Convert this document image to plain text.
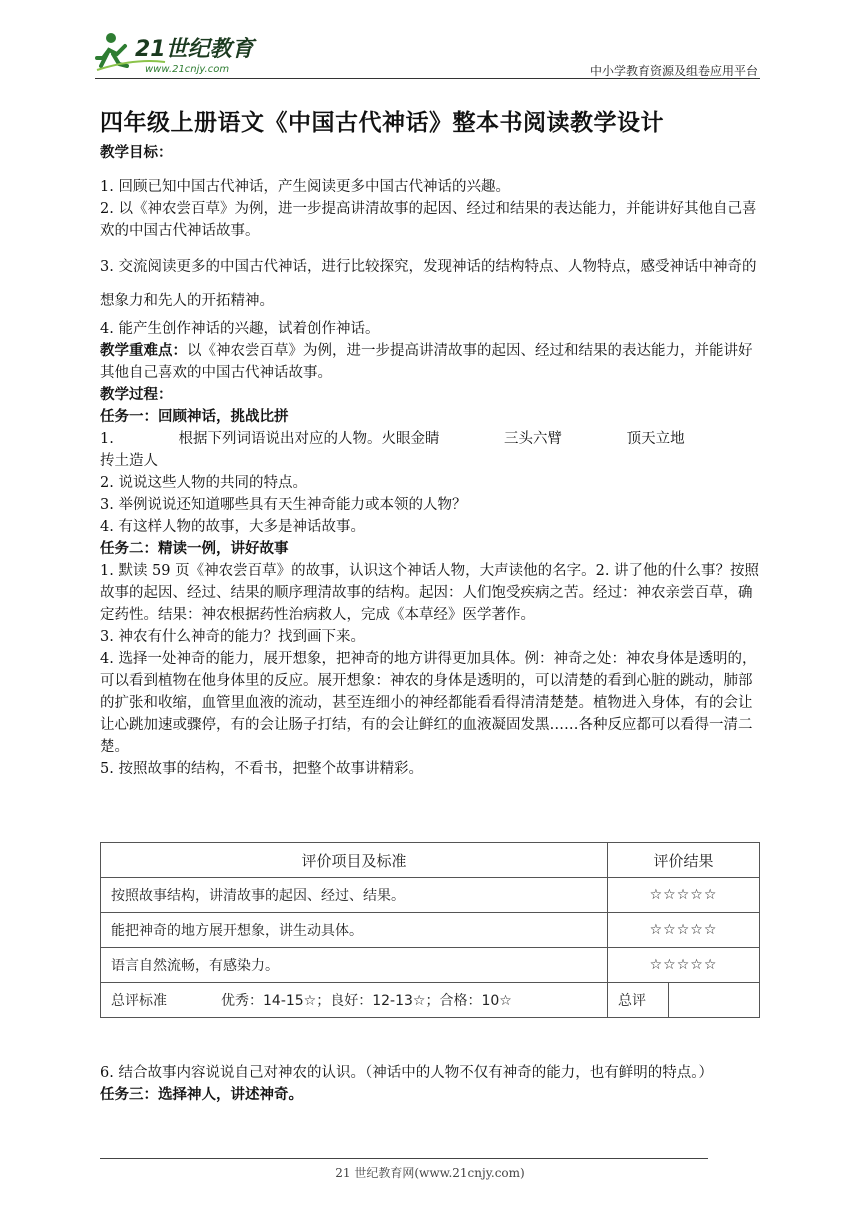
21世纪教育
www.21cnjy.com	中小学教育资源及组卷应用平台
四年级上册语文《中国古代神话》整本书阅读教学设计

教学目标：

1. 回顾已知中国古代神话，产生阅读更多中国古代神话的兴趣。

2. 以《神农尝百草》为例，进一步提高讲清故事的起因、经过和结果的表达能力，并能讲好其他自己喜欢的中国古代神话故事。

3. 交流阅读更多的中国古代神话，进行比较探究，发现神话的结构特点、人物特点，感受神话中神奇的想象力和先人的开拓精神。

4. 能产生创作神话的兴趣，试着创作神话。

教学重难点：以《神农尝百草》为例，进一步提高讲清故事的起因、经过和结果的表达能力，并能讲好其他自己喜欢的中国古代神话故事。

教学过程：

任务一：回顾神话，挑战比拼

1. 根据下列词语说出对应的人物。火眼金睛 三头六臂 顶天立地 抟土造人

2. 说说这些人物的共同的特点。

3. 举例说说还知道哪些具有天生神奇能力或本领的人物？

4. 有这样人物的故事，大多是神话故事。

任务二：精读一例，讲好故事

1. 默读 59 页《神农尝百草》的故事，认识这个神话人物，大声读他的名字。2. 讲了他的什么事？按照故事的起因、经过、结果的顺序理清故事的结构。起因：人们饱受疾病之苦。经过：神农亲尝百草，确定药性。结果：神农根据药性治病救人，完成《本草经》医学著作。

3. 神农有什么神奇的能力？找到画下来。

4. 选择一处神奇的能力，展开想象，把神奇的地方讲得更加具体。例：神奇之处：神农身体是透明的，可以看到植物在他身体里的反应。展开想象：神农的身体是透明的，可以清楚的看到心脏的跳动，肺部的扩张和收缩，血管里血液的流动，甚至连细小的神经都能看看得清清楚楚。植物进入身体，有的会让让心跳加速或骤停，有的会让肠子打结，有的会让鲜红的血液凝固发黑……各种反应都可以看得一清二楚。

5. 按照故事的结构，不看书，把整个故事讲精彩。

评价项目及标准		评价结果	
按照故事结构，讲清故事的起因、经过、结果。		☆☆☆☆☆	
能把神奇的地方展开想象，讲生动具体。		☆☆☆☆☆	
语言自然流畅，有感染力。		☆☆☆☆☆	
总评标准	优秀：14-15☆；良好：12-13☆；合格：10☆	总评	

6. 结合故事内容说说自己对神农的认识。（神话中的人物不仅有神奇的能力，也有鲜明的特点。）

任务三：选择神人，讲述神奇。

21 世纪教育网(www.21cnjy.com)
